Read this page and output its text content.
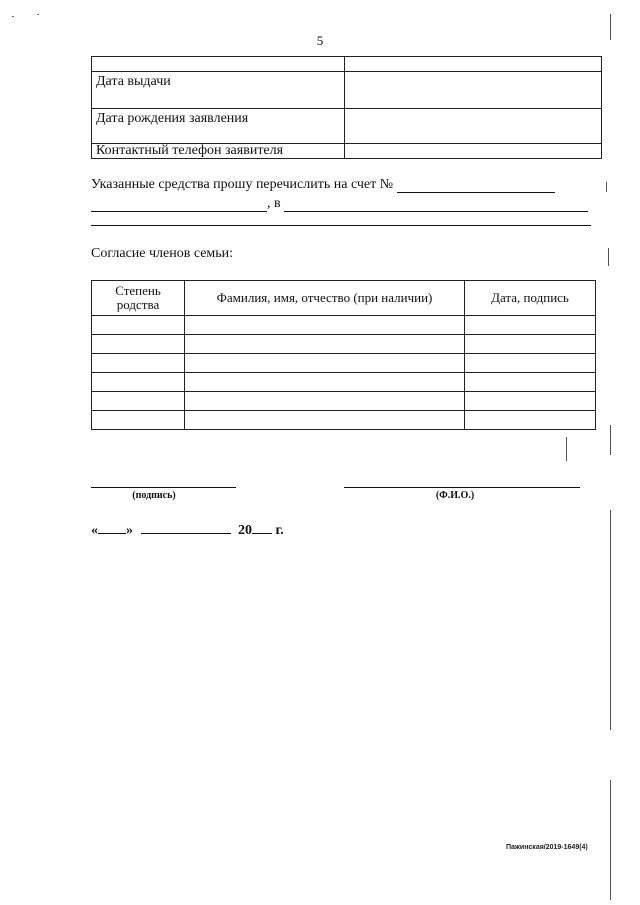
5

Дата выдачи	
Дата рождения заявления	
Контактный телефон заявителя	
Указанные средства прошу перечислить на счет №
, в
Согласие членов семьи:
Степень родства	Фамилия, имя, отчество (при наличии)	Дата, подпись

(подпись)	(Ф.И.О.)
« »	20 г.
Пажинская/2019-1649(4)
